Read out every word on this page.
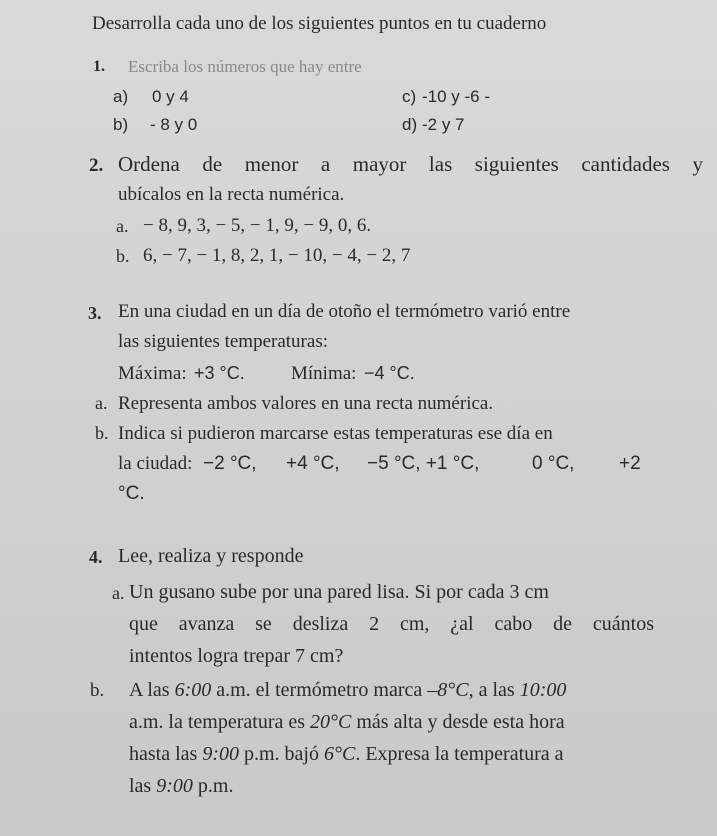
Desarrolla cada uno de los siguientes puntos en tu cuaderno
1. Escriba los números que hay entre
a) 0 y 4
b) - 8 y 0
c) -10 y -6 -
d) -2 y 7
2. Ordena de menor a mayor las siguientes cantidades y
ubícalos en la recta numérica.
a. − 8, 9, 3, − 5, − 1, 9, − 9, 0, 6.
b. 6, − 7, − 1, 8, 2, 1, − 10, − 4, − 2, 7
3. En una ciudad en un día de otoño el termómetro varió entre
las siguientes temperaturas:
Máxima: +3 °C. Mínima: −4 °C.
a. Representa ambos valores en una recta numérica.
b. Indica si pudieron marcarse estas temperaturas ese día en
la ciudad: −2 °C, +4 °C, −5 °C, +1 °C,	0 °C, +2
°C.
4. Lee, realiza y responde
a. Un gusano sube por una pared lisa. Si por cada 3 cm
que avanza se desliza 2 cm, ¿al cabo de cuántos
intentos logra trepar 7 cm?
b. A las 6:00 a.m. el termómetro marca –8°C, a las 10:00
a.m. la temperatura es 20°C más alta y desde esta hora
hasta las 9:00 p.m. bajó 6°C. Expresa la temperatura a
las 9:00 p.m.
